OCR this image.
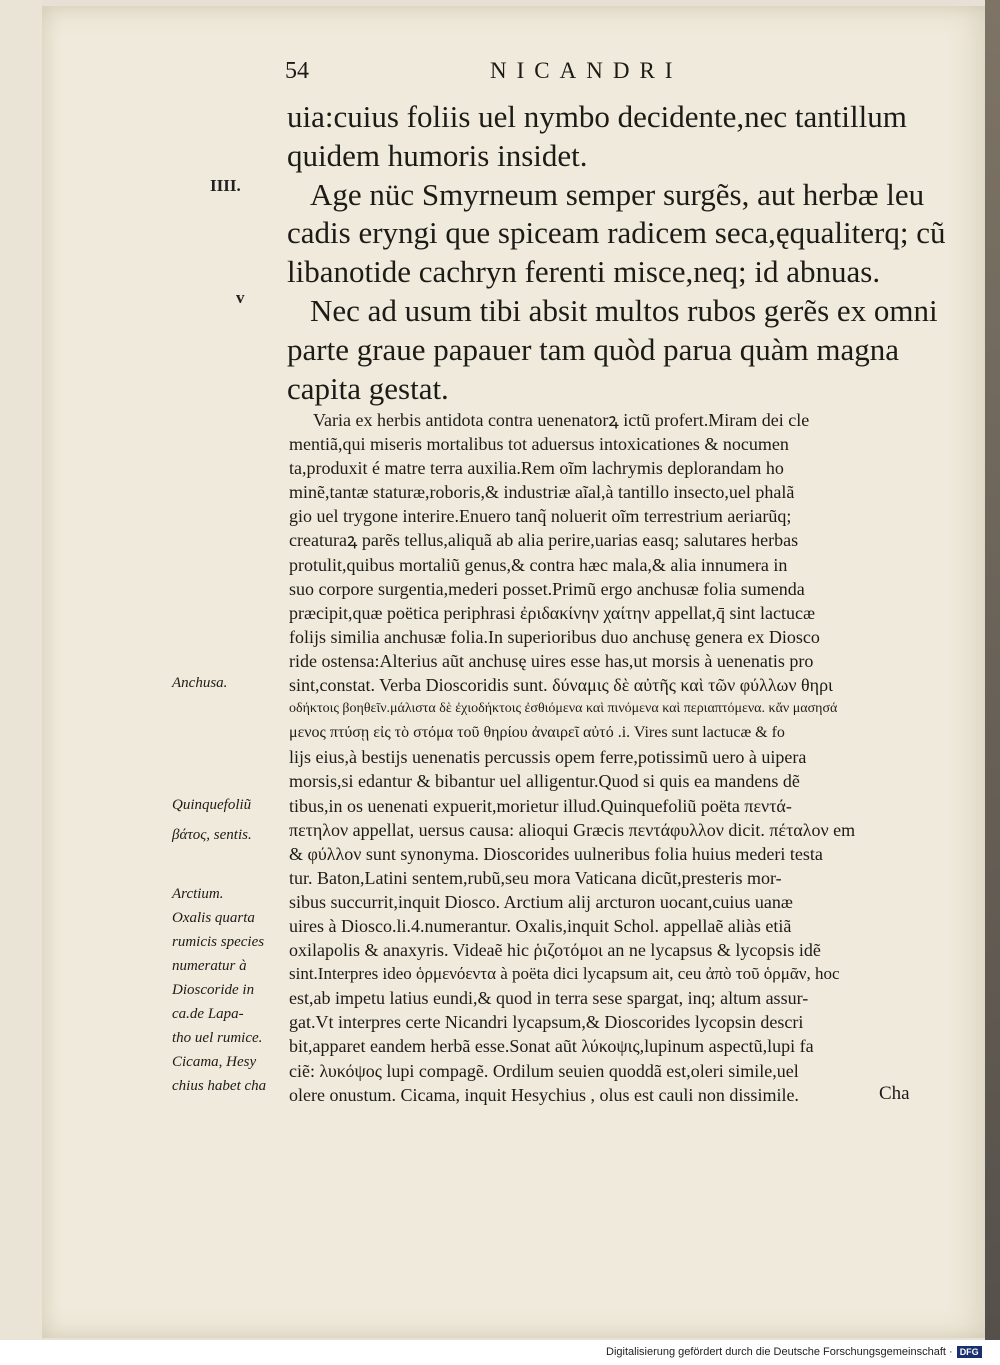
54	NICANDRI
IIII.
v
uia:cuius foliis uel nymbo decidente,nec tantillum
quidem humoris insidet.
Age nüc Smyrneum semper surgẽs, aut herbæ leu
cadis eryngi que spiceam radicem seca,ęqualiterq; cũ
libanotide cachryn ferenti misce,neq; id abnuas.
Nec ad usum tibi absit multos rubos gerẽs ex omni
parte graue papauer tam quòd parua quàm magna
capita gestat.
Varia ex herbis antidota contra uenenatorꝝ ictũ profert.Miram dei cle
mentiã,qui miseris mortalibus tot aduersus intoxicationes & nocumen
ta,produxit é matre terra auxilia.Rem oĩm lachrymis deplorandam ho
minẽ,tantæ staturæ,roboris,& industriæ aĩal,à tantillo insecto,uel phalã
gio uel trygone interire.Enuero tanq̃ noluerit oĩm terrestrium aeriarũq;
creaturaꝝ parẽs tellus,aliquã ab alia perire,uarias easq; salutares herbas
protulit,quibus mortaliũ genus,& contra hæc mala,& alia innumera in
suo corpore surgentia,mederi posset.Primũ ergo anchusæ folia sumenda
præcipit,quæ poëtica periphrasi ἐριδακίνην χαίτην appellat,q̄ sint lactucæ
folijs similia anchusæ folia.In superioribus duo anchusę genera ex Diosco
ride ostensa:Alterius aũt anchusę uires esse has,ut morsis à uenenatis pro
sint,constat. Verba Dioscoridis sunt. δύναμις δὲ αὐτῆς καὶ τῶν φύλλων θηρι
οδήκτοις βοηθεῖν.μάλιστα δὲ ἐχιοδήκτοις ἐσθιόμενα καὶ πινόμενα καὶ περιαπτόμενα. κἄν μασησά
μενος πτύσῃ εἰς τὸ στόμα τοῦ θηρίου ἀναιρεῖ αὐτό .i. Vires sunt lactucæ & fo
lijs eius,à bestijs uenenatis percussis opem ferre,potissimũ uero à uipera
morsis,si edantur & bibantur uel alligentur.Quod si quis ea mandens dẽ
tibus,in os uenenati expuerit,morietur illud.Quinquefoliũ poëta πεντά-
πετηλον appellat, uersus causa: alioqui Græcis πεντάφυλλον dicit. πέταλον em
& φύλλον sunt synonyma. Dioscorides uulneribus folia huius mederi testa
tur. Baton,Latini sentem,rubũ,seu mora Vaticana dicũt,presteris mor-
sibus succurrit,inquit Diosco. Arctium alij arcturon uocant,cuius uanæ
uires à Diosco.li.4.numerantur. Oxalis,inquit Schol. appellaẽ aliàs etiã
oxilapolis & anaxyris. Videaẽ hic ῥιζοτόμοι an ne lycapsus & lycopsis idẽ
sint.Interpres ideo ὁρμενόεντα à poëta dici lycapsum ait, ceu ἀπὸ τοῦ ὁρμᾶν, hoc
est,ab impetu latius eundi,& quod in terra sese spargat, inq; altum assur-
gat.Vt interpres certe Nicandri lycapsum,& Dioscorides lycopsin descri
bit,apparet eandem herbã esse.Sonat aũt λύκοψις,lupinum aspectũ,lupi fa
ciẽ: λυκόψος lupi compagẽ. Ordilum seuien quoddã est,oleri simile,uel
olere onustum. Cicama, inquit Hesychius , olus est cauli non dissimile.	Cha
Anchusa.
Quinquefoliũ
βάτος, sentis.
Arctium.
Oxalis quarta
rumicis species
numeratur à
Dioscoride in
ca.de Lapa-
tho uel rumice.
Cicama, Hesy
chius habet cha
Digitalisierung gefördert durch die Deutsche Forschungsgemeinschaft · DFG
